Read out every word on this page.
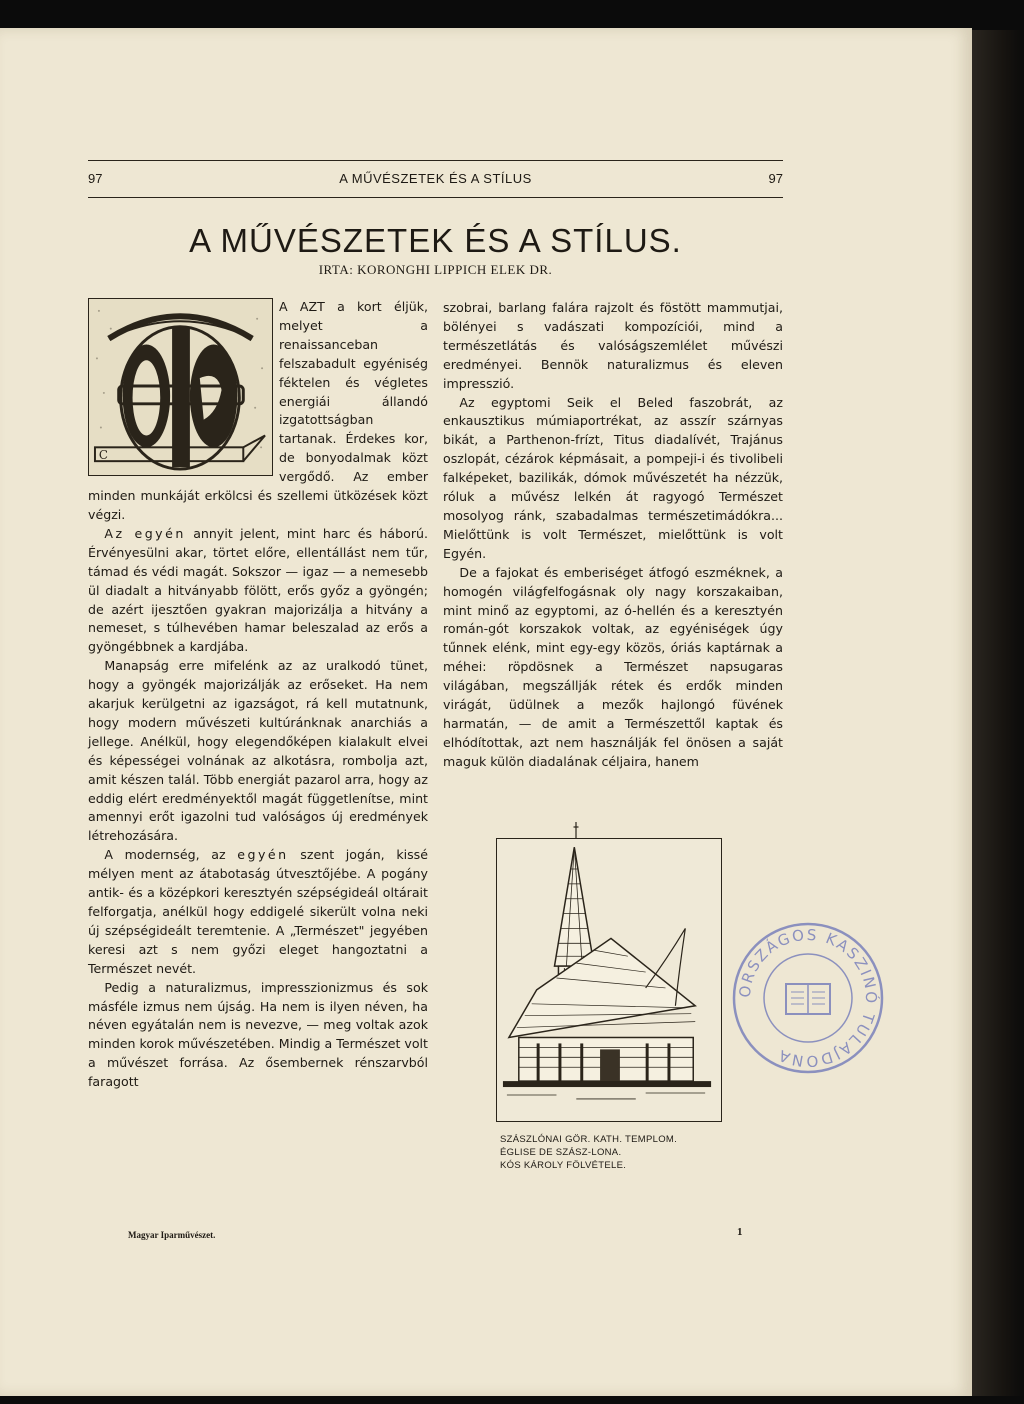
97	A MŰVÉSZETEK ÉS A STÍLUS	97
A MŰVÉSZETEK ÉS A STÍLUS.
IRTA: KORONGHI LIPPICH ELEK DR.
C

A AZT a kort éljük, melyet a renaissanceban felszabadult egyéniség féktelen és végletes energiái állandó izgatottságban tartanak. Érdekes kor, de bonyodalmak közt vergődő. Az ember minden munkáját erkölcsi és szellemi ütközések közt végzi.

Az egyén annyit jelent, mint harc és háború. Érvényesülni akar, törtet előre, ellentállást nem tűr, támad és védi magát. Sokszor — igaz — a nemesebb ül diadalt a hitványabb fölött, erős győz a gyöngén; de azért ijesztően gyakran majorizálja a hitvány a nemeset, s túlhevében hamar beleszalad az erős a gyöngébbnek a kardjába.

Manapság erre mifelénk az az uralkodó tünet, hogy a gyöngék majorizálják az erőseket. Ha nem akarjuk kerülgetni az igazságot, rá kell mutatnunk, hogy modern művészeti kultúránknak anarchiás a jellege. Anélkül, hogy elegendőképen kialakult elvei és képességei volnának az alkotásra, rombolja azt, amit készen talál. Több energiát pazarol arra, hogy az eddig elért eredményektől magát függetlenítse, mint amennyi erőt igazolni tud valóságos új eredmények létrehozására.

A modernség, az egyén szent jogán, kissé mélyen ment az átabotaság útvesztőjébe. A pogány antik- és a középkori keresztyén szépségideál oltárait felforgatja, anélkül hogy eddigelé sikerült volna neki új szépségideált teremtenie. A „Természet" jegyében keresi azt s nem győzi eleget hangoztatni a Természet nevét.

Pedig a naturalizmus, impresszionizmus és sok másféle izmus nem újság. Ha nem is ilyen néven, ha néven egyátalán nem is nevezve, — meg voltak azok minden korok művészetében. Mindig a Természet volt a művészet forrása. Az ősembernek rénszarvból faragott

szobrai, barlang falára rajzolt és föstött mammutjai, bölényei s vadászati kompozíciói, mind a természetlátás és valóságszemlélet művészi eredményei. Bennök naturalizmus és eleven impresszió.

Az egyptomi Seik el Beled faszobrát, az enkausztikus múmiaportrékat, az asszír szárnyas bikát, a Parthenon-frízt, Titus diadalívét, Trajánus oszlopát, cézárok képmásait, a pompeji-i és tivolibeli falképeket, bazilikák, dómok művészetét ha nézzük, róluk a művész lelkén át ragyogó Természet mosolyog ránk, szabadalmas természetimádókra... Mielőttünk is volt Természet, mielőttünk is volt Egyén.

De a fajokat és emberiséget átfogó eszméknek, a homogén világfelfogásnak oly nagy korszakaiban, mint minő az egyptomi, az ó-hellén és a keresztyén román-gót korszakok voltak, az egyéniségek úgy tűnnek elénk, mint egy-egy közös, óriás kaptárnak a méhei: röpdösnek a Természet napsugaras világában, megszállják rétek és erdők minden virágát, üdülnek a mezők hajlongó füvének harmatán, — de amit a Természettől kaptak és elhódítottak, azt nem használják fel önösen a saját maguk külön diadalának céljaira, hanem

SZÁSZLÓNAI GÖR. KATH. TEMPLOM.
ÉGLISE DE SZÁSZ-LONA.
KÓS KÁROLY FÖLVÉTELE.
ORSZÁGOS KASZINÓ TULAJDONA
Magyar Iparművészet.	1
